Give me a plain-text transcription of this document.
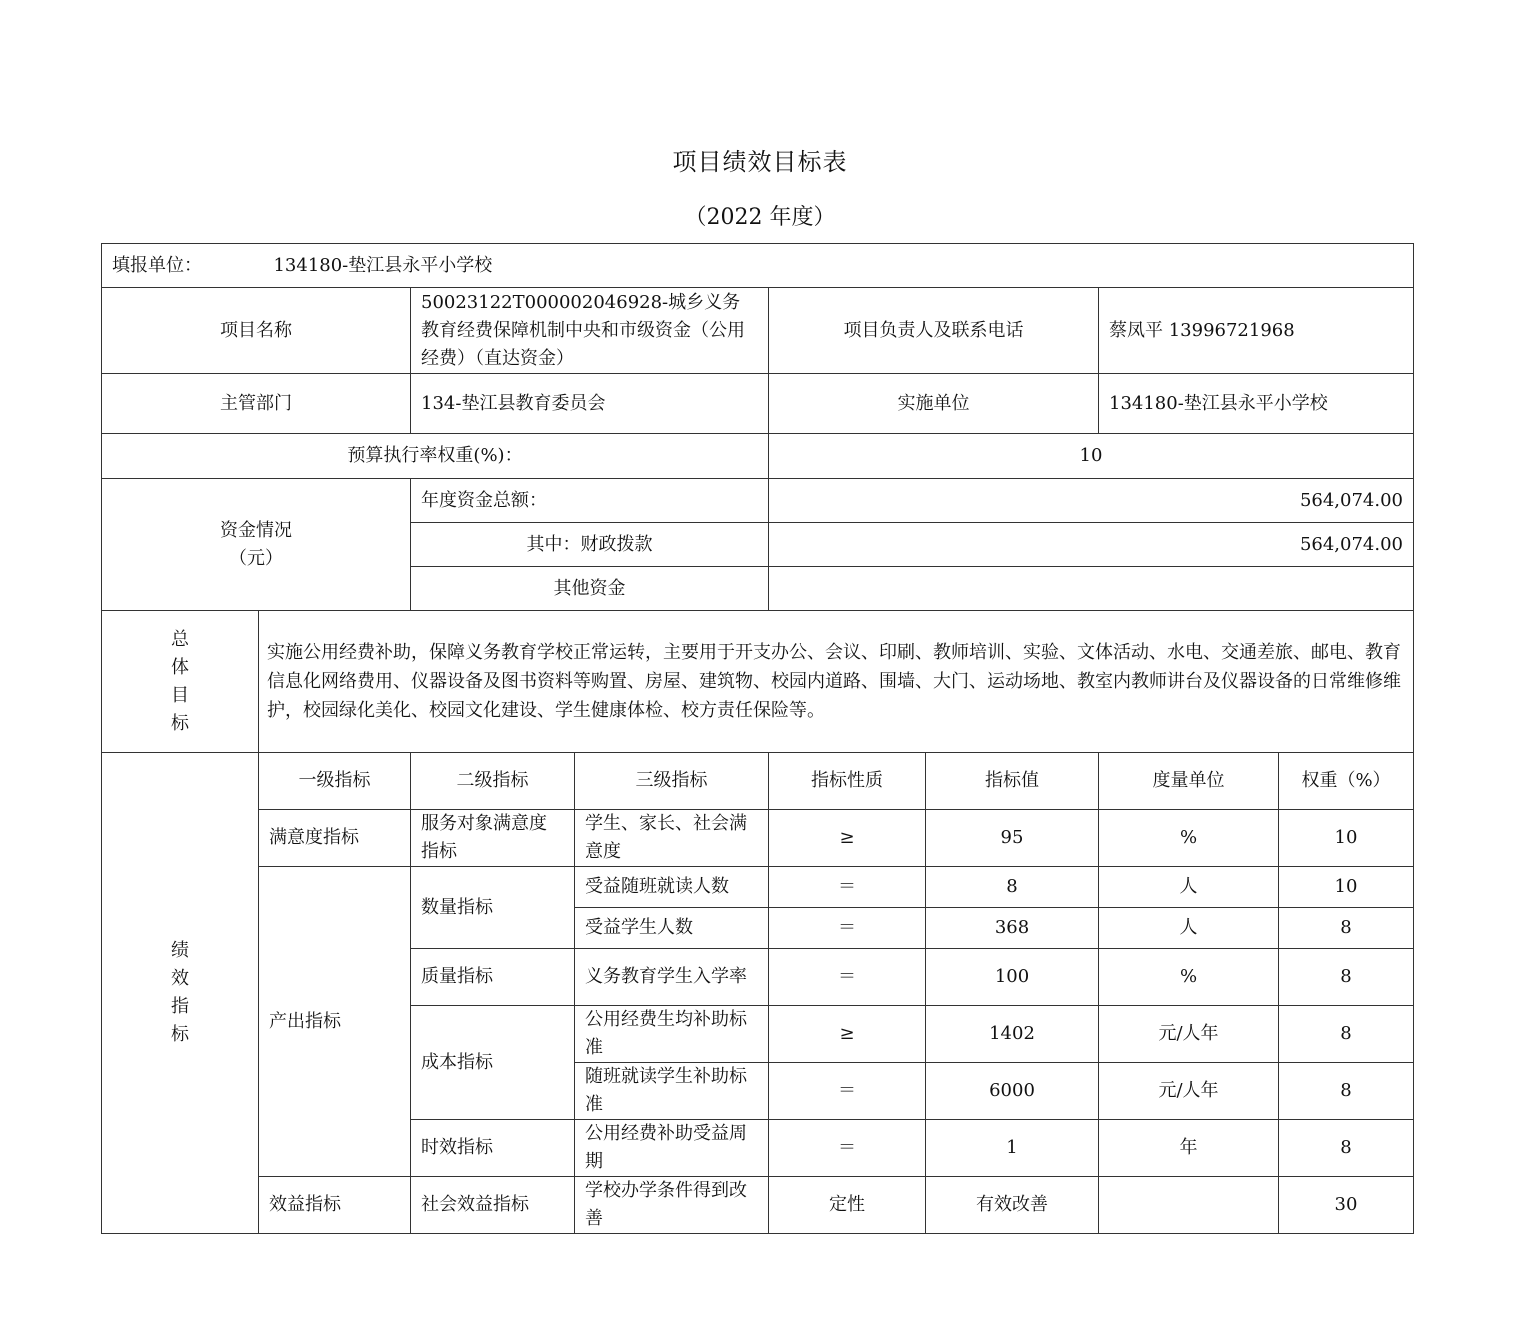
项目绩效目标表
（2022 年度）
填报单位： 134180-垫江县永平小学校							
项目名称		50023122T000002046928-城乡义务教育经费保障机制中央和市级资金（公用经费）（直达资金）		项目负责人及联系电话		蔡凤平 13996721968	
主管部门		134-垫江县教育委员会		实施单位		134180-垫江县永平小学校	
预算执行率权重(%)：				10			

资金情况
（元）		年度资金总额：		564,074.00			
		其中：财政拨款		564,074.00			
		其他资金					

总
体
目
标	实施公用经费补助，保障义务教育学校正常运转，主要用于开支办公、会议、印刷、教师培训、实验、文体活动、水电、交通差旅、邮电、教育信息化网络费用、仪器设备及图书资料等购置、房屋、建筑物、校园内道路、围墙、大门、运动场地、教室内教师讲台及仪器设备的日常维修维护，校园绿化美化、校园文化建设、学生健康体检、校方责任保险等。						

绩
效
指
标	一级指标	二级指标	三级指标	指标性质	指标值	度量单位	权重（%）
	满意度指标	服务对象满意度指标	学生、家长、社会满意度	≥	95	%	10
	产出指标	数量指标	受益随班就读人数	＝	8	人	10
			受益学生人数	＝	368	人	8
		质量指标	义务教育学生入学率	＝	100	%	8
		成本指标	公用经费生均补助标准	≥	1402	元/人年	8
			随班就读学生补助标准	＝	6000	元/人年	8
		时效指标	公用经费补助受益周期	＝	1	年	8
	效益指标	社会效益指标	学校办学条件得到改善	定性	有效改善		30
